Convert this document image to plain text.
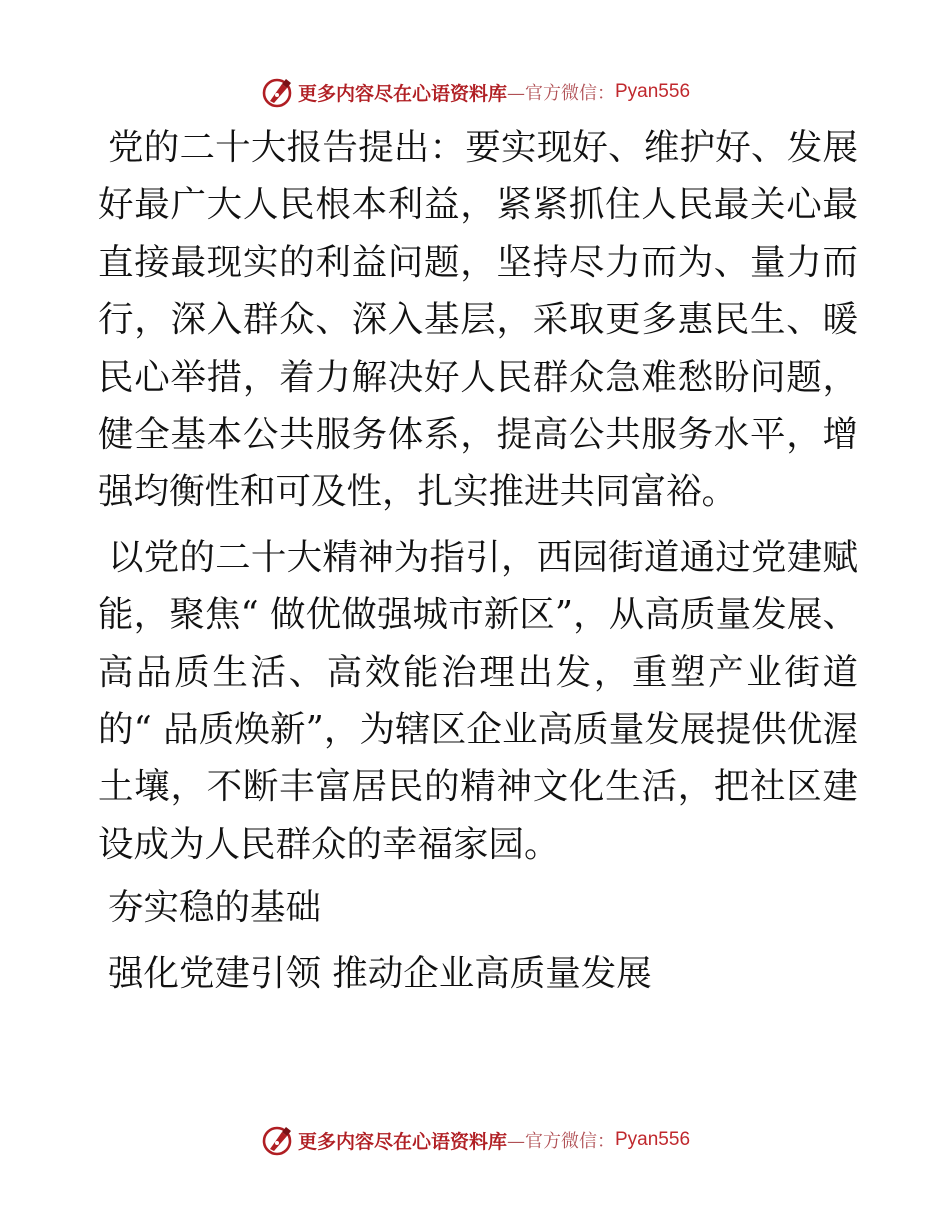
更多内容尽在心语资料库 —官方微信： Pyan556

党的二十大报告提出：要实现好、维护好、发展好最广大人民根本利益，紧紧抓住人民最关心最直接最现实的利益问题，坚持尽力而为、量力而行，深入群众、深入基层，采取更多惠民生、暖民心举措，着力解决好人民群众急难愁盼问题，健全基本公共服务体系，提高公共服务水平，增强均衡性和可及性，扎实推进共同富裕。

以党的二十大精神为指引，西园街道通过党建赋能，聚焦“ 做优做强城市新区”，从高质量发展、高品质生活、高效能治理出发，重塑产业街道的“ 品质焕新”，为辖区企业高质量发展提供优渥土壤，不断丰富居民的精神文化生活，把社区建设成为人民群众的幸福家园。

夯实稳的基础

强化党建引领 推动企业高质量发展

更多内容尽在心语资料库 —官方微信： Pyan556
